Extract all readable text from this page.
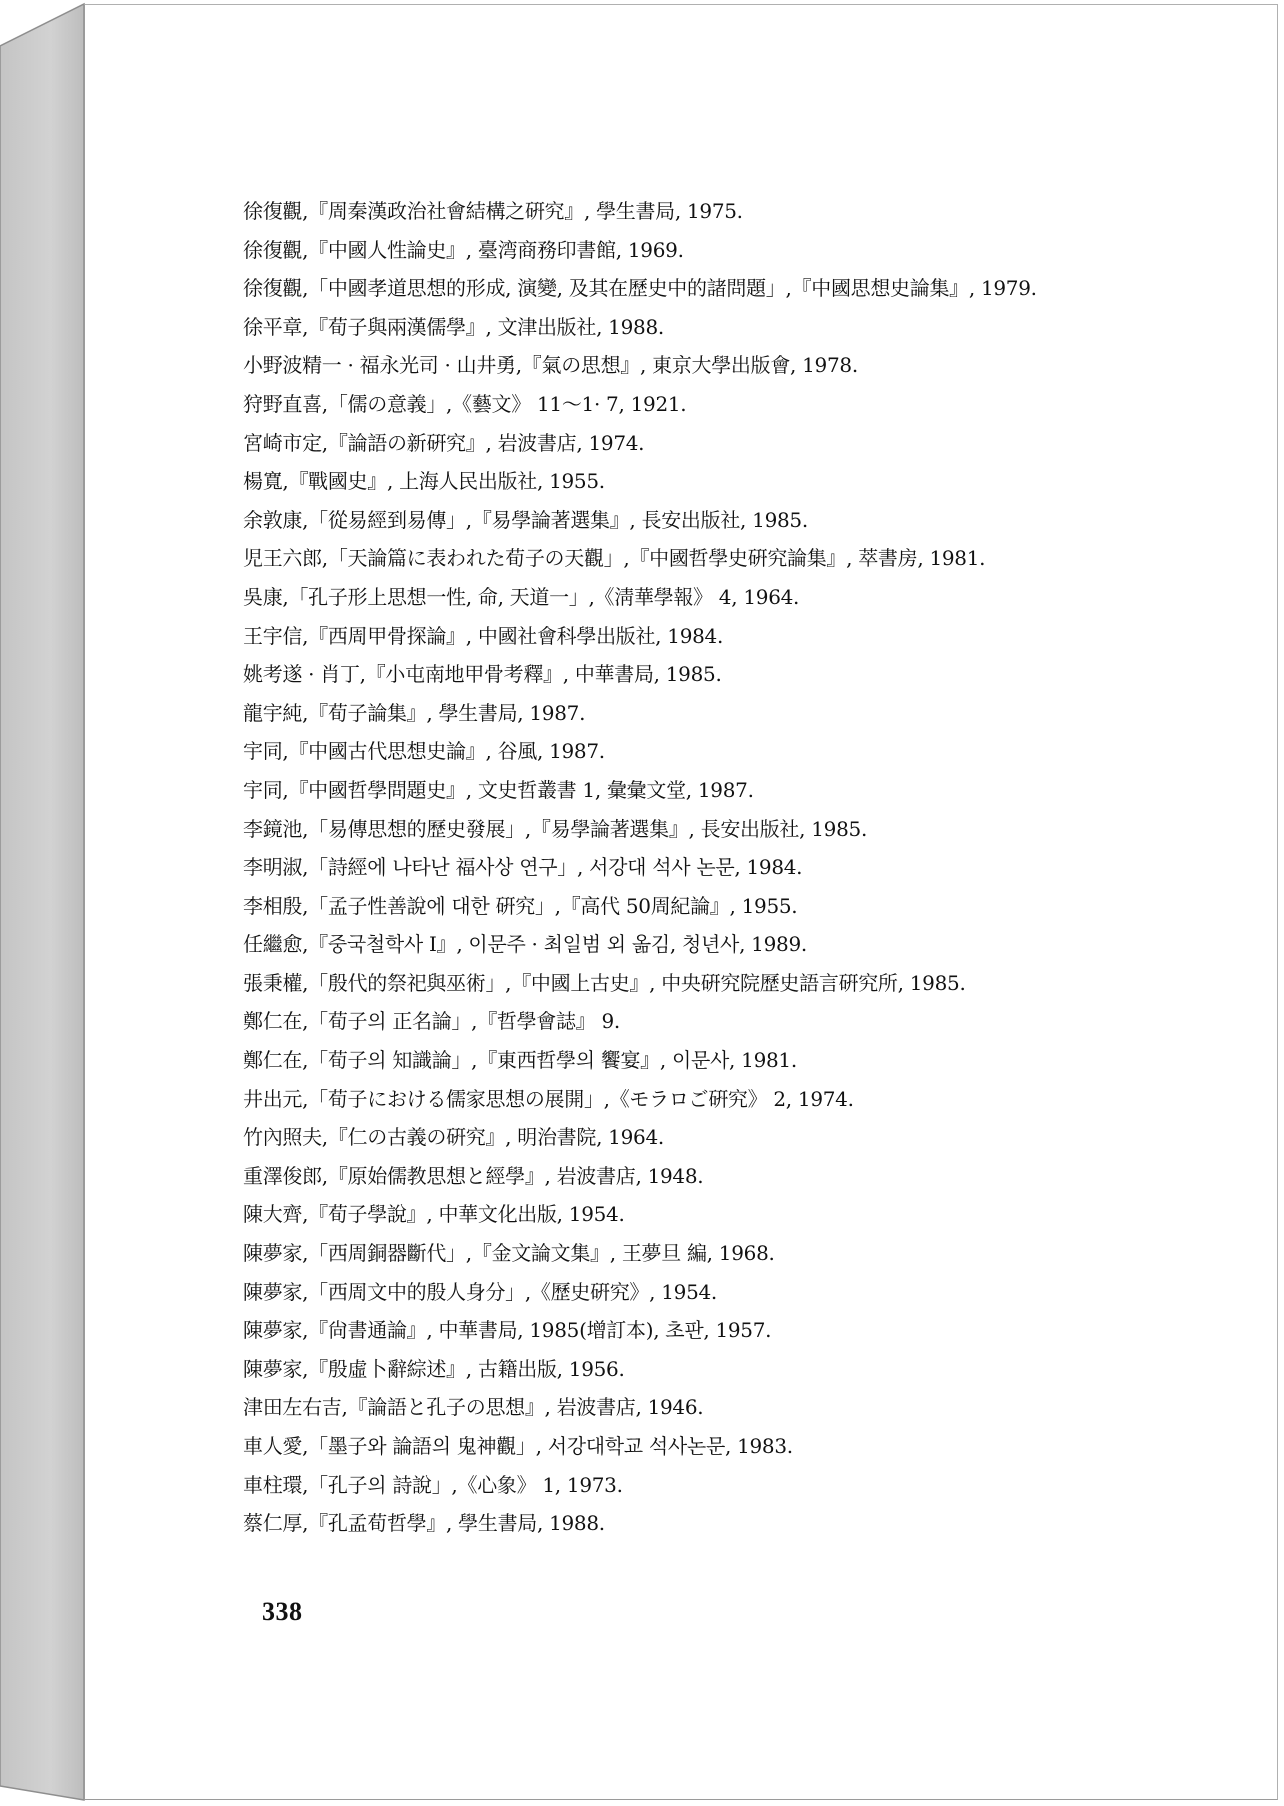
徐復觀,『周秦漢政治社會結構之硏究』, 學生書局, 1975.
徐復觀,『中國人性論史』, 臺湾商務印書館, 1969.
徐復觀,「中國孝道思想的形成, 演變, 及其在歷史中的諸問題」,『中國思想史論集』, 1979.
徐平章,『荀子與兩漢儒學』, 文津出版社, 1988.
小野波精一 · 福永光司 · 山井勇,『氣の思想』, 東京大學出版會, 1978.
狩野直喜,「儒の意義」,《藝文》 11～1· 7, 1921.
宮崎市定,『論語の新硏究』, 岩波書店, 1974.
楊寬,『戰國史』, 上海人民出版社, 1955.
余敦康,「從易經到易傳」,『易學論著選集』, 長安出版社, 1985.
児王六郎,「天論篇に表われた荀子の天觀」,『中國哲學史硏究論集』, 萃書房, 1981.
吳康,「孔子形上思想一性, 命, 天道一」,《淸華學報》 4, 1964.
王宇信,『西周甲骨探論』, 中國社會科學出版社, 1984.
姚考遂 · 肖丁,『小屯南地甲骨考釋』, 中華書局, 1985.
龍宇純,『荀子論集』, 學生書局, 1987.
宇同,『中國古代思想史論』, 谷風, 1987.
宇同,『中國哲學問題史』, 文史哲叢書 1, 彙彙文堂, 1987.
李鏡池,「易傳思想的歷史發展」,『易學論著選集』, 長安出版社, 1985.
李明淑,「詩經에 나타난 福사상 연구」, 서강대 석사 논문, 1984.
李相殷,「孟子性善說에 대한 硏究」,『高代 50周紀論』, 1955.
任繼愈,『중국철학사 Ⅰ』, 이문주 · 최일범 외 옮김, 청년사, 1989.
張秉權,「殷代的祭祀與巫術」,『中國上古史』, 中央硏究院歷史語言硏究所, 1985.
鄭仁在,「荀子의 正名論」,『哲學會誌』 9.
鄭仁在,「荀子의 知識論」,『東西哲學의 饗宴』, 이문사, 1981.
井出元,「荀子における儒家思想の展開」,《モラロご硏究》 2, 1974.
竹內照夫,『仁の古義の硏究』, 明治書院, 1964.
重澤俊郎,『原始儒教思想と經學』, 岩波書店, 1948.
陳大齊,『荀子學說』, 中華文化出版, 1954.
陳夢家,「西周銅器斷代」,『金文論文集』, 王夢旦 編, 1968.
陳夢家,「西周文中的殷人身分」,《歷史硏究》, 1954.
陳夢家,『尙書通論』, 中華書局, 1985(增訂本), 초판, 1957.
陳夢家,『殷虛卜辭綜述』, 古籍出版, 1956.
津田左右吉,『論語と孔子の思想』, 岩波書店, 1946.
車人愛,「墨子와 論語의 鬼神觀」, 서강대학교 석사논문, 1983.
車柱環,「孔子의 詩說」,《心象》 1, 1973.
蔡仁厚,『孔孟荀哲學』, 學生書局, 1988.
338
